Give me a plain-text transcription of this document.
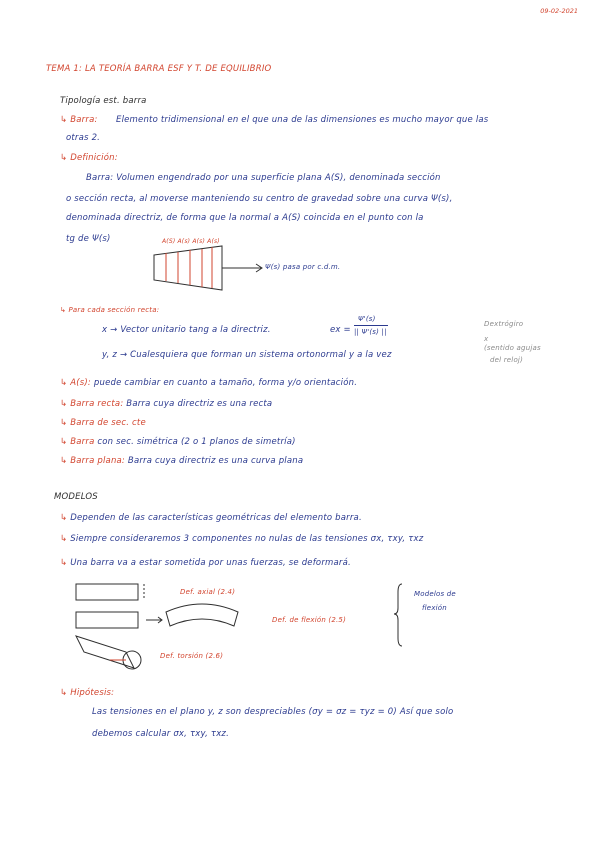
09-02-2021
TEMA 1: LA TEORÍA BARRA ESF Y T. DE EQUILIBRIO
Tipología est. barra
↳ Barra: Elemento tridimensional en el que una de las dimensiones es mucho mayor que las
otras 2.
↳ Definición:
Barra: Volumen engendrado por una superficie plana A(S), denominada sección
o sección recta, al moverse manteniendo su centro de gravedad sobre una curva Ψ(s),
denominada directriz, de forma que la normal a A(S) coincida en el punto con la
tg de Ψ(s)	A(S) A(s) A(s) A(s)
Ψ(s) pasa por c.d.m.
↳ Para cada sección recta:
x → Vector unitario tang a la directriz.	ex =
Ψ'(s)
|| Ψ'(s) ||
y, z → Cualesquiera que forman un sistema ortonormal y a la vez
Dextrógiro
x
(sentido agujas
del reloj)
↳ A(s): puede cambiar en cuanto a tamaño, forma y/o orientación.
↳ Barra recta: Barra cuya directriz es una recta
↳ Barra de sec. cte
↳ Barra con sec. simétrica (2 o 1 planos de simetría)
↳ Barra plana: Barra cuya directriz es una curva plana
MODELOS
↳ Dependen de las características geométricas del elemento barra.
↳ Siempre consideraremos 3 componentes no nulas de las tensiones σx, τxy, τxz
↳ Una barra va a estar sometida por unas fuerzas, se deformará.
Def. axial (2.4)
Def. de flexión (2.5)
Def. torsión (2.6)
Modelos de
flexión
↳ Hipótesis:
Las tensiones en el plano y, z son despreciables (σy = σz = τyz = 0) Así que solo
debemos calcular σx, τxy, τxz.
